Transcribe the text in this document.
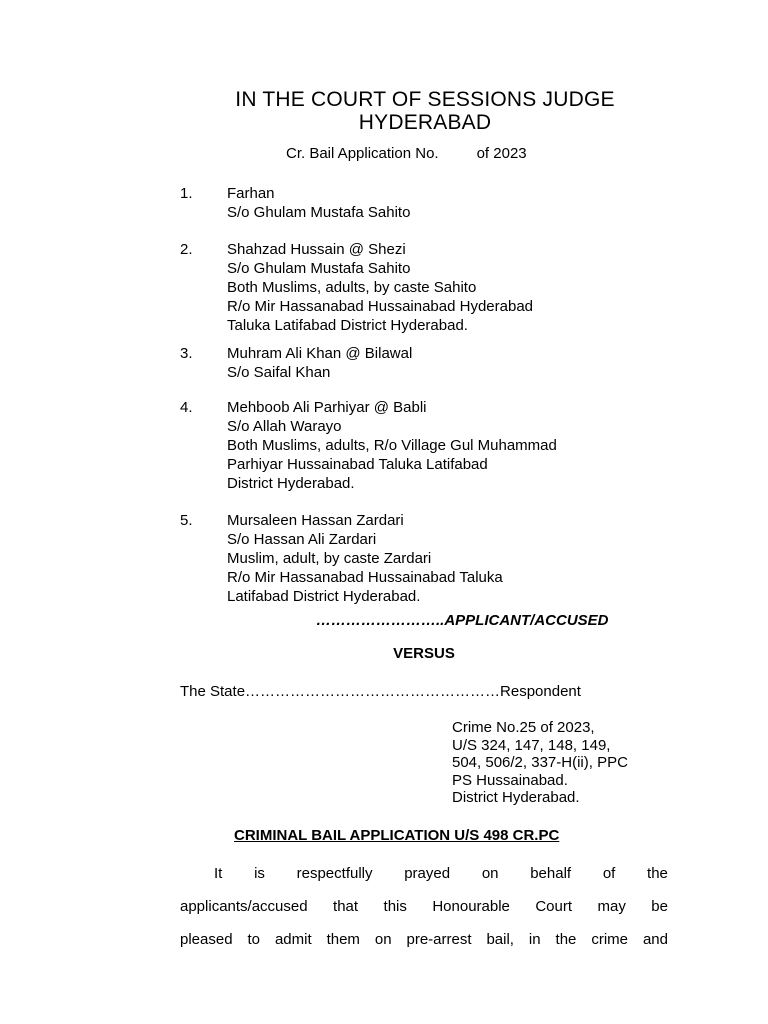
IN THE COURT OF SESSIONS JUDGE
HYDERABAD
Cr. Bail Application No.	of 2023
1.	Farhan
S/o Ghulam Mustafa Sahito
2.	Shahzad Hussain @ Shezi
S/o Ghulam Mustafa Sahito
Both Muslims, adults, by caste Sahito
R/o Mir Hassanabad Hussainabad Hyderabad
Taluka Latifabad District Hyderabad.
3.	Muhram Ali Khan @ Bilawal
S/o Saifal Khan
4.	Mehboob Ali Parhiyar @ Babli
S/o Allah Warayo
Both Muslims, adults, R/o Village Gul Muhammad
Parhiyar Hussainabad Taluka Latifabad
District Hyderabad.
5.	Mursaleen Hassan Zardari
S/o Hassan Ali Zardari
Muslim, adult, by caste Zardari
R/o Mir Hassanabad Hussainabad Taluka
Latifabad District Hyderabad.
……………………..APPLICANT/ACCUSED
VERSUS
The State……………………………………………Respondent
Crime No.25 of 2023,
U/S 324, 147, 148, 149,
504, 506/2, 337-H(ii), PPC
PS Hussainabad.
District Hyderabad.
CRIMINAL BAIL APPLICATION U/S 498 CR.PC
It is respectfully prayed on behalf of the
applicants/accused that this Honourable Court may be
pleased to admit them on pre-arrest bail, in the crime and
